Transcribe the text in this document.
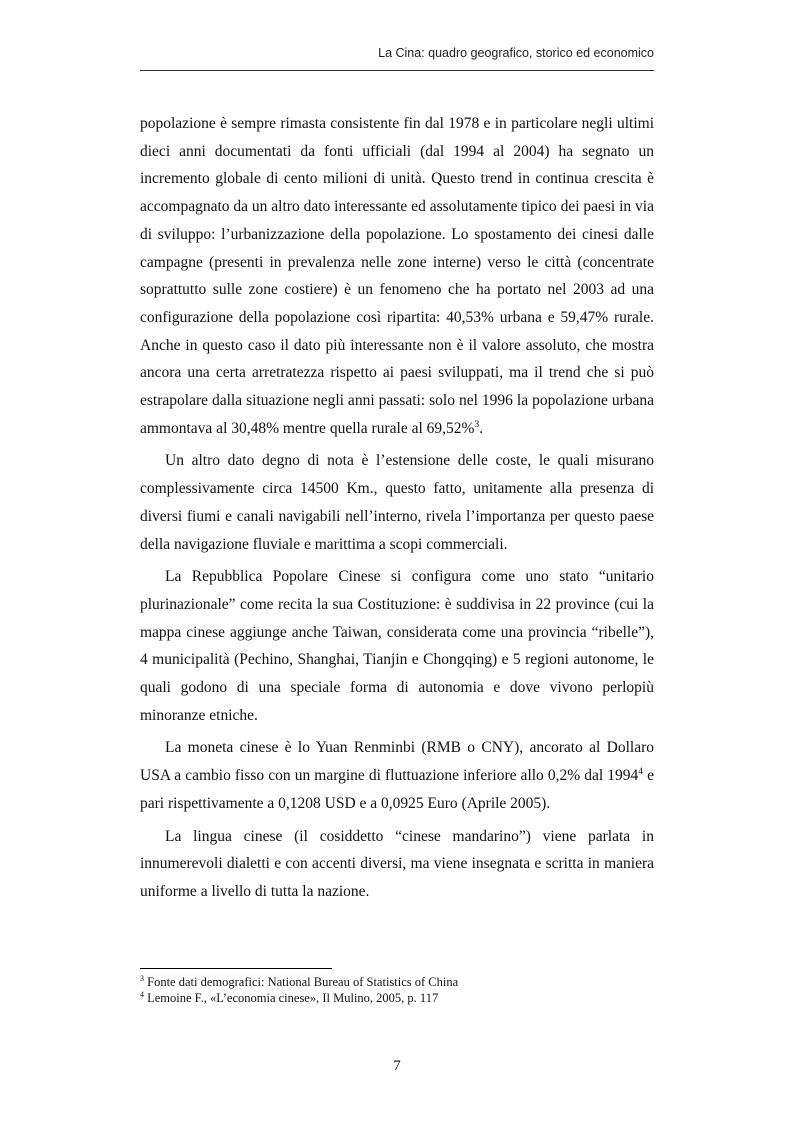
La Cina: quadro geografico, storico ed economico

popolazione è sempre rimasta consistente fin dal 1978 e in particolare negli ultimi dieci anni documentati da fonti ufficiali (dal 1994 al 2004) ha segnato un incremento globale di cento milioni di unità. Questo trend in continua crescita è accompagnato da un altro dato interessante ed assolutamente tipico dei paesi in via di sviluppo: l’urbanizzazione della popolazione. Lo spostamento dei cinesi dalle campagne (presenti in prevalenza nelle zone interne) verso le città (concentrate soprattutto sulle zone costiere) è un fenomeno che ha portato nel 2003 ad una configurazione della popolazione così ripartita: 40,53% urbana e 59,47% rurale. Anche in questo caso il dato più interessante non è il valore assoluto, che mostra ancora una certa arretratezza rispetto ai paesi sviluppati, ma il trend che si può estrapolare dalla situazione negli anni passati: solo nel 1996 la popolazione urbana ammontava al 30,48% mentre quella rurale al 69,52%$^3$.

Un altro dato degno di nota è l’estensione delle coste, le quali misurano complessivamente circa 14500 Km., questo fatto, unitamente alla presenza di diversi fiumi e canali navigabili nell’interno, rivela l’importanza per questo paese della navigazione fluviale e marittima a scopi commerciali.

La Repubblica Popolare Cinese si configura come uno stato “unitario plurinazionale” come recita la sua Costituzione: è suddivisa in 22 province (cui la mappa cinese aggiunge anche Taiwan, considerata come una provincia “ribelle”), 4 municipalità (Pechino, Shanghai, Tianjin e Chongqing) e 5 regioni autonome, le quali godono di una speciale forma di autonomia e dove vivono perlopiù minoranze etniche.

La moneta cinese è lo Yuan Renminbi (RMB o CNY), ancorato al Dollaro USA a cambio fisso con un margine di fluttuazione inferiore allo 0,2% dal 1994$^4$ e pari rispettivamente a 0,1208 USD e a 0,0925 Euro (Aprile 2005).

La lingua cinese (il cosiddetto “cinese mandarino”) viene parlata in innumerevoli dialetti e con accenti diversi, ma viene insegnata e scritta in maniera uniforme a livello di tutta la nazione.

$^3$ Fonte dati demografici: National Bureau of Statistics of China
$^4$ Lemoine F., «L’economia cinese», Il Mulino, 2005, p. 117
7
